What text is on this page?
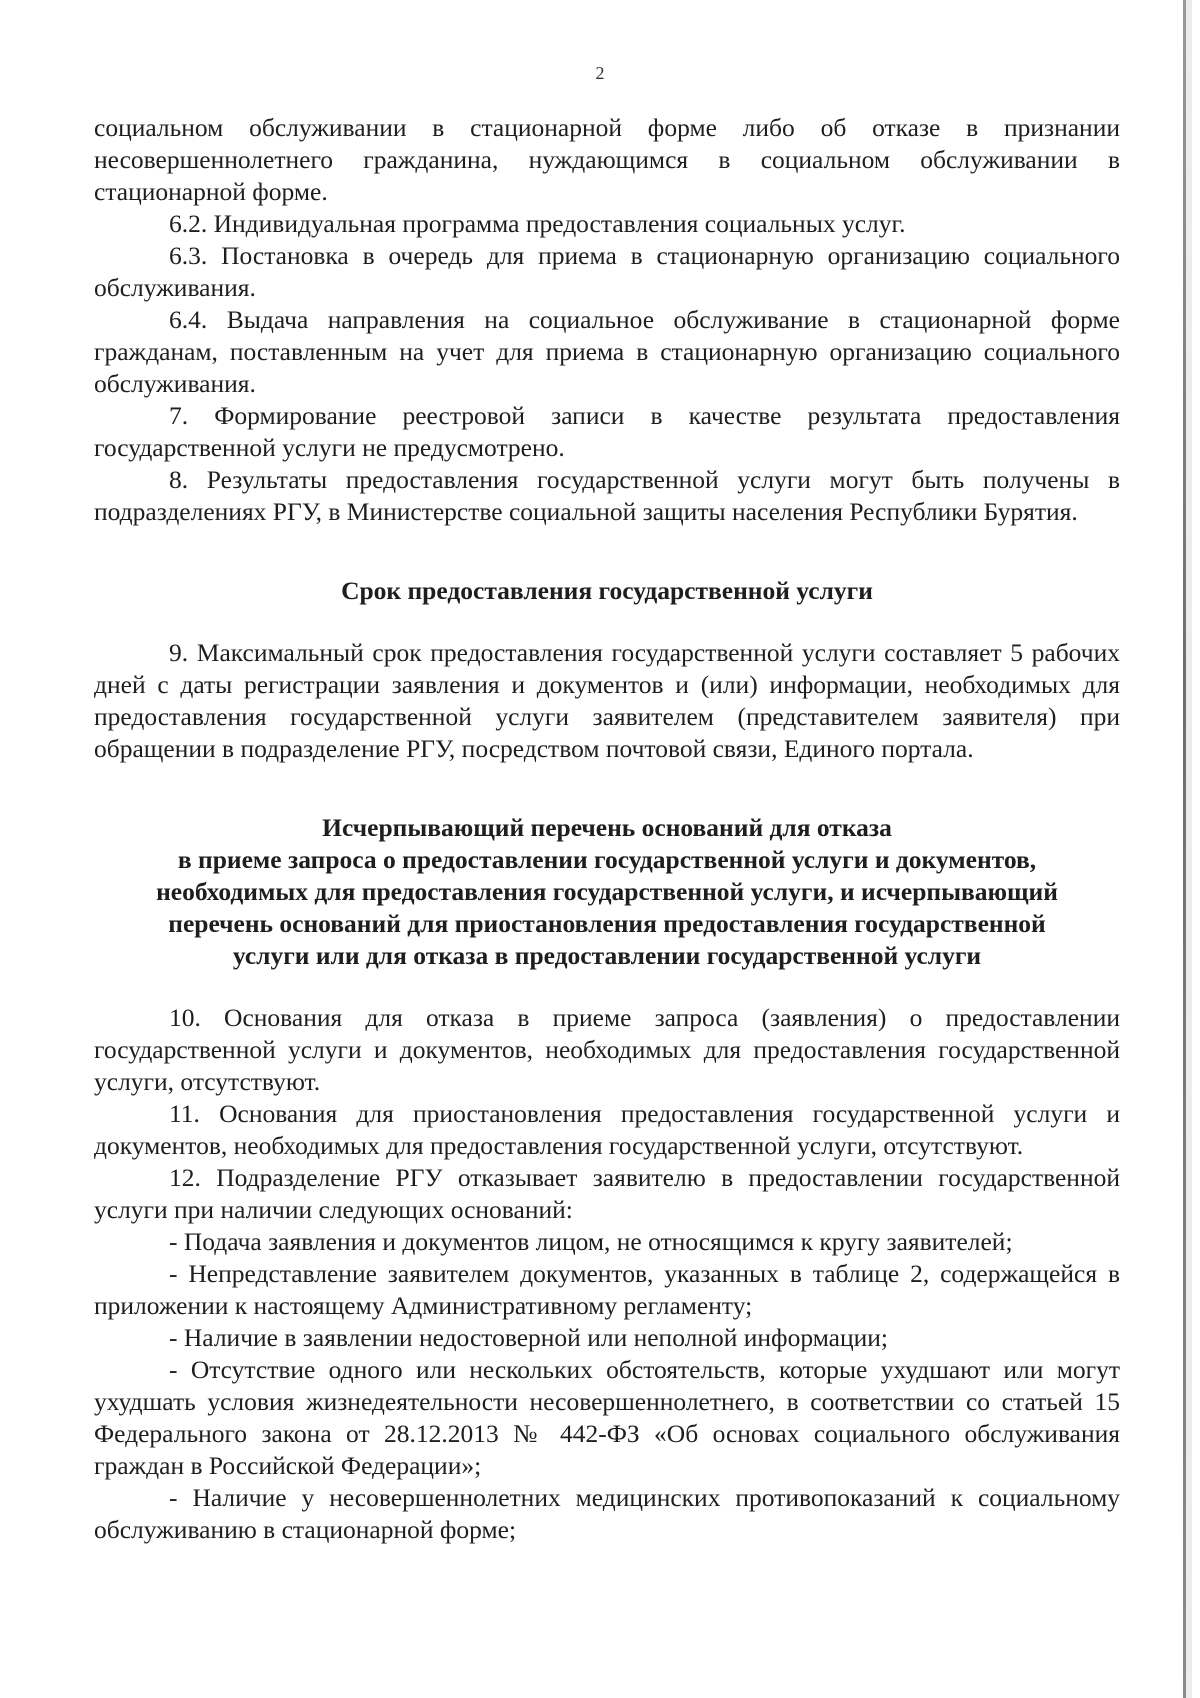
2

социальном обслуживании в стационарной форме либо об отказе в признании несовершеннолетнего гражданина, нуждающимся в социальном обслуживании в стационарной форме.

6.2. Индивидуальная программа предоставления социальных услуг.

6.3. Постановка в очередь для приема в стационарную организацию социального обслуживания.

6.4. Выдача направления на социальное обслуживание в стационарной форме гражданам, поставленным на учет для приема в стационарную организацию социального обслуживания.

7. Формирование реестровой записи в качестве результата предоставления государственной услуги не предусмотрено.

8. Результаты предоставления государственной услуги могут быть получены в подразделениях РГУ, в Министерстве социальной защиты населения Республики Бурятия.

Срок предоставления государственной услуги

9. Максимальный срок предоставления государственной услуги составляет 5 рабочих дней с даты регистрации заявления и документов и (или) информации, необходимых для предоставления государственной услуги заявителем (представителем заявителя) при обращении в подразделение РГУ, посредством почтовой связи, Единого портала.

Исчерпывающий перечень оснований для отказа
в приеме запроса о предоставлении государственной услуги и документов,
необходимых для предоставления государственной услуги, и исчерпывающий
перечень оснований для приостановления предоставления государственной
услуги или для отказа в предоставлении государственной услуги

10. Основания для отказа в приеме запроса (заявления) о предоставлении государственной услуги и документов, необходимых для предоставления государственной услуги, отсутствуют.

11. Основания для приостановления предоставления государственной услуги и документов, необходимых для предоставления государственной услуги, отсутствуют.

12. Подразделение РГУ отказывает заявителю в предоставлении государственной услуги при наличии следующих оснований:

- Подача заявления и документов лицом, не относящимся к кругу заявителей;

- Непредставление заявителем документов, указанных в таблице 2, содержащейся в приложении к настоящему Административному регламенту;

- Наличие в заявлении недостоверной или неполной информации;

- Отсутствие одного или нескольких обстоятельств, которые ухудшают или могут ухудшать условия жизнедеятельности несовершеннолетнего, в соответствии со статьей 15 Федерального закона от 28.12.2013 № 442-ФЗ «Об основах социального обслуживания граждан в Российской Федерации»;

- Наличие у несовершеннолетних медицинских противопоказаний к социальному обслуживанию в стационарной форме;
